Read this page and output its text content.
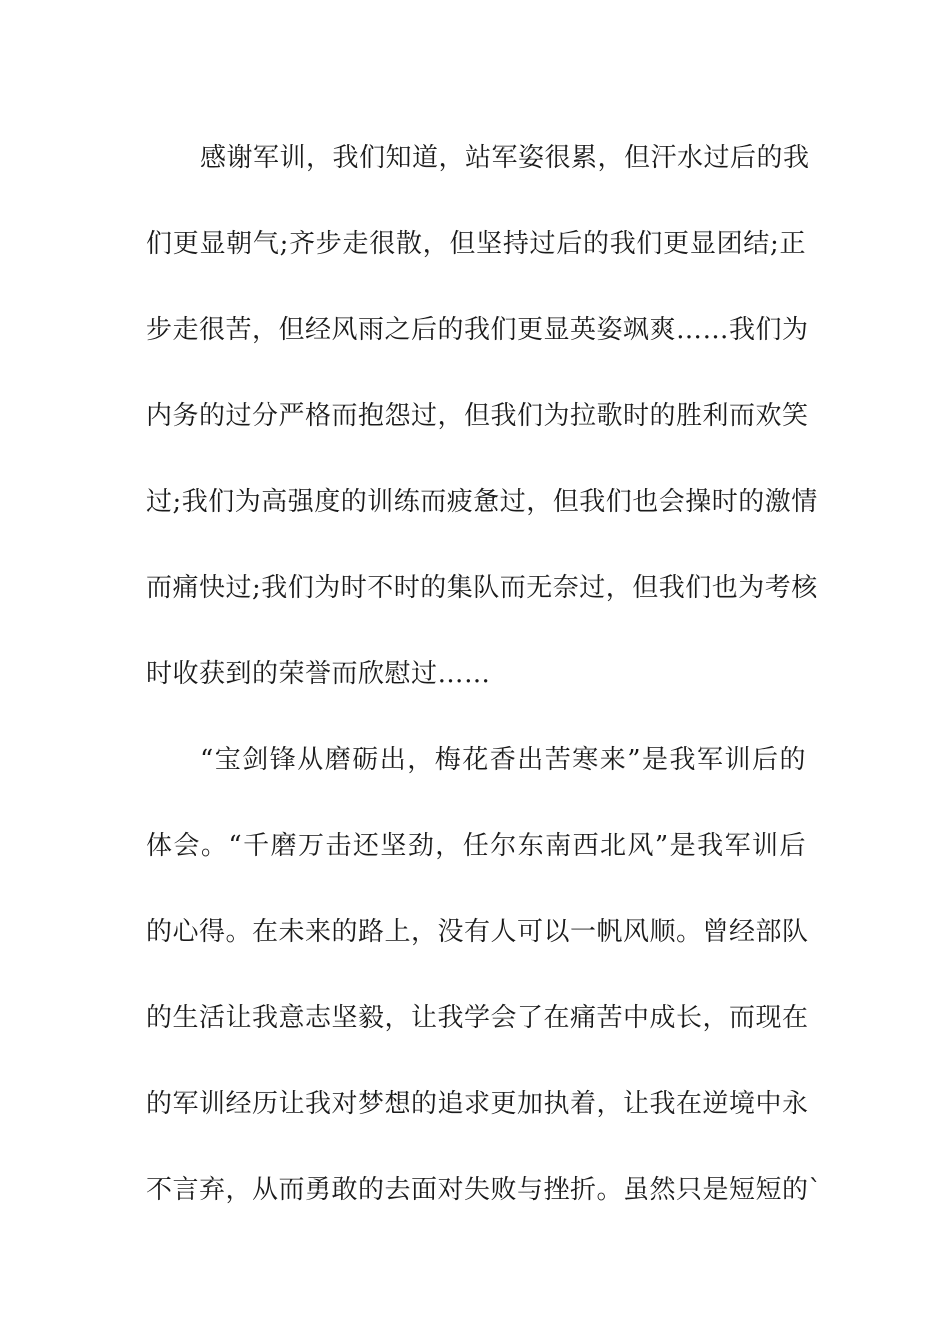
感谢军训，我们知道，站军姿很累，但汗水过后的我
们更显朝气;齐步走很散，但坚持过后的我们更显团结;正
步走很苦，但经风雨之后的我们更显英姿飒爽……我们为
内务的过分严格而抱怨过，但我们为拉歌时的胜利而欢笑
过;我们为高强度的训练而疲惫过，但我们也会操时的激情
而痛快过;我们为时不时的集队而无奈过，但我们也为考核
时收获到的荣誉而欣慰过……
“宝剑锋从磨砺出，梅花香出苦寒来”是我军训后的
体会。“千磨万击还坚劲，任尔东南西北风”是我军训后
的心得。在未来的路上，没有人可以一帆风顺。曾经部队
的生活让我意志坚毅，让我学会了在痛苦中成长，而现在
的军训经历让我对梦想的追求更加执着，让我在逆境中永
不言弃，从而勇敢的去面对失败与挫折。虽然只是短短的`
